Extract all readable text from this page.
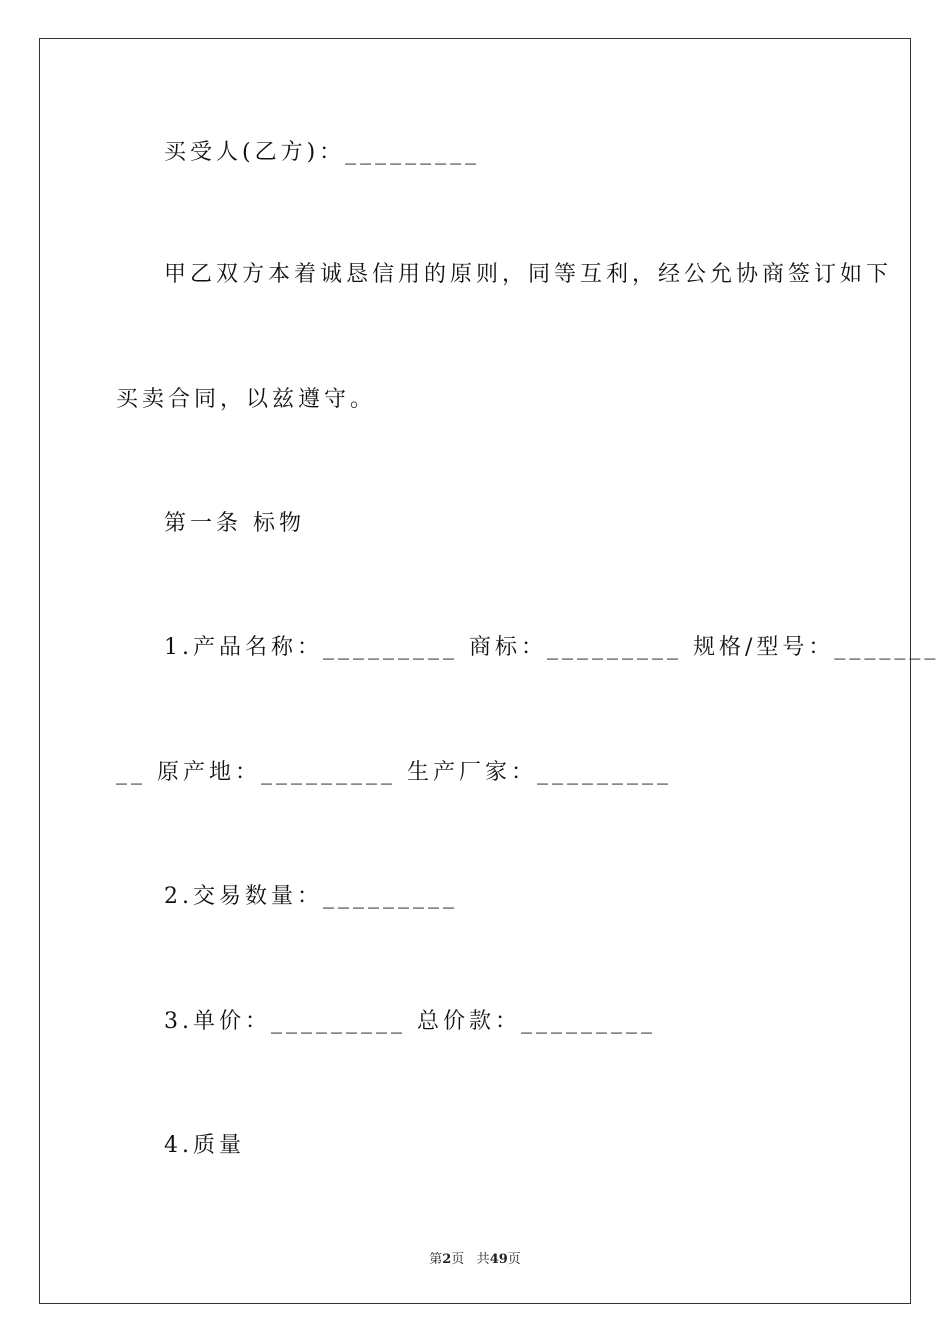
买受人(乙方)：_________
甲乙双方本着诚恳信用的原则，同等互利，经公允协商签订如下
买卖合同，以兹遵守。
第一条 标物
1.产品名称：_________ 商标：_________ 规格/型号：_______
__ 原产地：_________ 生产厂家：_________
2.交易数量：_________
3.单价：_________ 总价款：_________
4.质量
第2页 共49页
